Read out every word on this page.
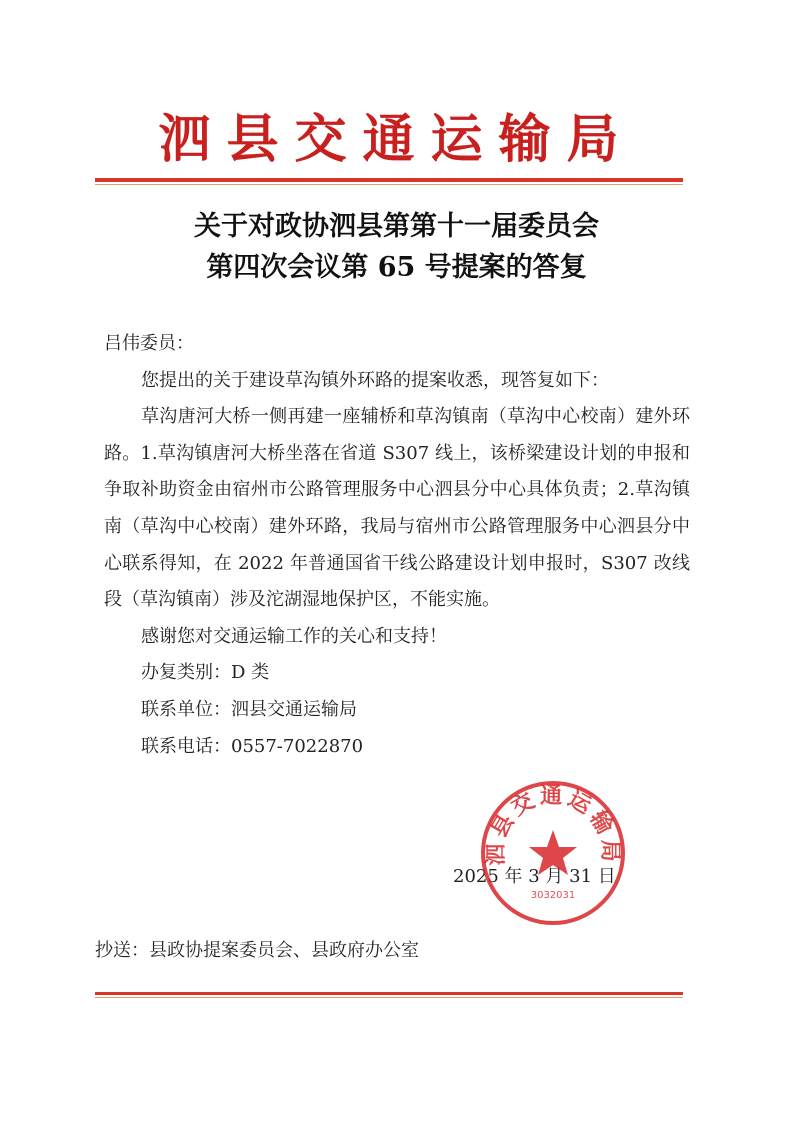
泗县交通运输局
关于对政协泗县第第十一届委员会
第四次会议第 65 号提案的答复

吕伟委员：

您提出的关于建设草沟镇外环路的提案收悉，现答复如下：

草沟唐河大桥一侧再建一座辅桥和草沟镇南（草沟中心校南）建外环路。1.草沟镇唐河大桥坐落在省道 S307 线上，该桥梁建设计划的申报和争取补助资金由宿州市公路管理服务中心泗县分中心具体负责；2.草沟镇南（草沟中心校南）建外环路，我局与宿州市公路管理服务中心泗县分中心联系得知，在 2022 年普通国省干线公路建设计划申报时，S307 改线段（草沟镇南）涉及沱湖湿地保护区，不能实施。

感谢您对交通运输工作的关心和支持！

办复类别：D 类

联系单位：泗县交通运输局

联系电话：0557-7022870

2025 年 3 月 31 日
泗县交通运输局
3032031
抄送：县政协提案委员会、县政府办公室
